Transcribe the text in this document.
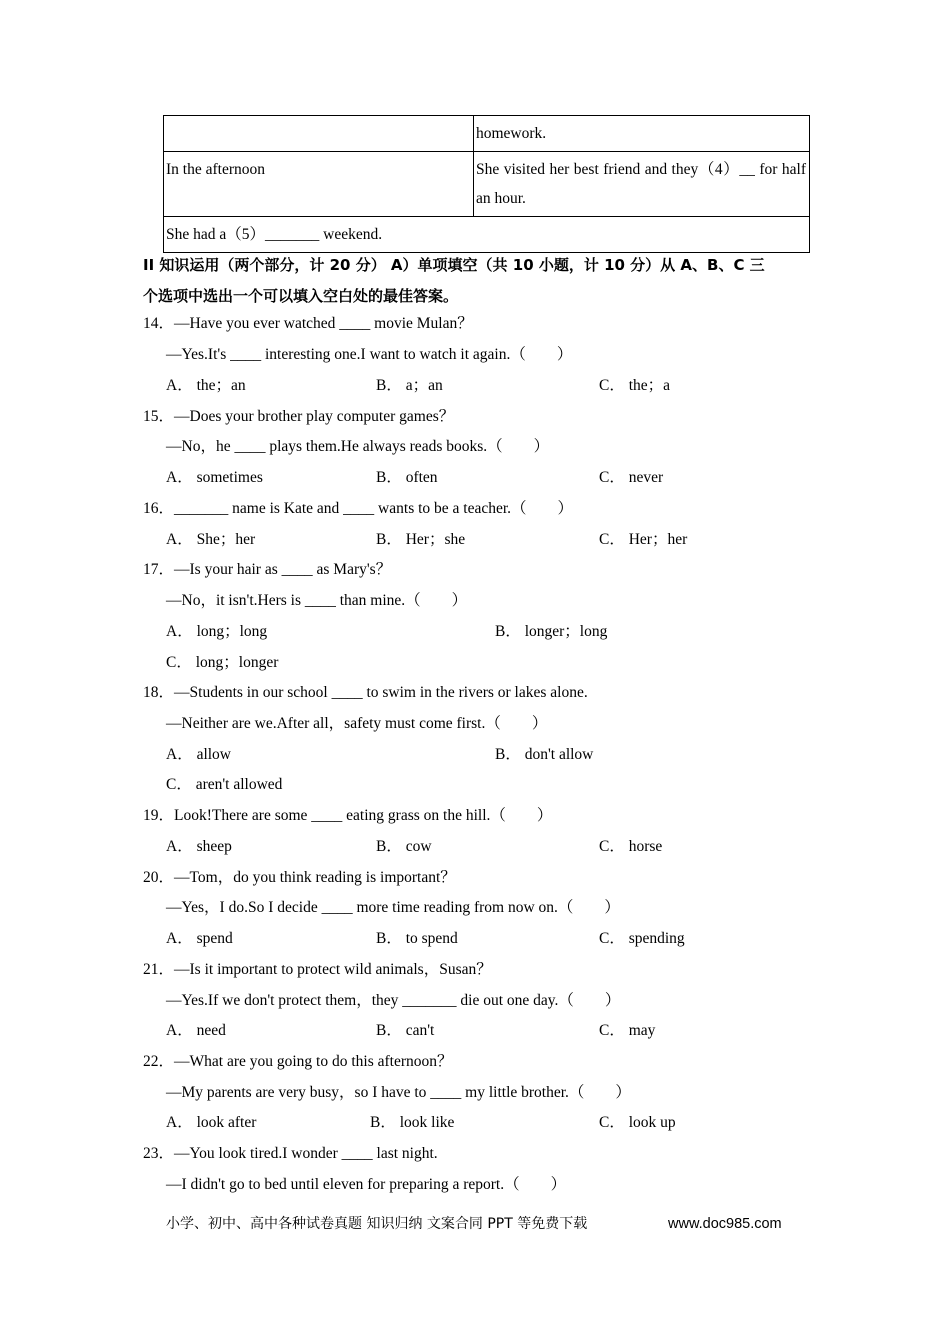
	homework.
In the afternoon	She visited her best friend and they（4）__ for half an hour.
She had a（5）_______ weekend.	
II 知识运用（两个部分，计 20 分） A）单项填空（共 10 小题，计 10 分）从 A、B、C 三
个选项中选出一个可以填入空白处的最佳答案。
14．—Have you ever watched ____ movie Mulan？
—Yes.It's ____ interesting one.I want to watch it again.（　　）
A． the；an	B． a；an	C． the；a
15．—Does your brother play computer games？
—No，he ____ plays them.He always reads books.（　　）
A． sometimes	B． often	C． never
16．_______ name is Kate and ____ wants to be a teacher.（　　）
A． She；her	B． Her；she	C． Her；her
17．—Is your hair as ____ as Mary's？
—No，it isn't.Hers is ____ than mine.（　　）
A． long；long	B． longer；long
C． long；longer
18．—Students in our school ____ to swim in the rivers or lakes alone.
—Neither are we.After all，safety must come first.（　　）
A． allow	B． don't allow
C． aren't allowed
19．Look!There are some ____ eating grass on the hill.（　　）
A． sheep	B． cow	C． horse
20．—Tom，do you think reading is important？
—Yes，I do.So I decide ____ more time reading from now on.（　　）
A． spend	B． to spend	C． spending
21．—Is it important to protect wild animals，Susan？
—Yes.If we don't protect them，they _______ die out one day.（　　）
A． need	B． can't	C． may
22．—What are you going to do this afternoon？
—My parents are very busy，so I have to ____ my little brother.（　　）
A． look after	B． look like	C． look up
23．—You look tired.I wonder ____ last night.
—I didn't go to bed until eleven for preparing a report.（　　）
小学、初中、高中各种试卷真题 知识归纳 文案合同 PPT 等免费下载	www.doc985.com
